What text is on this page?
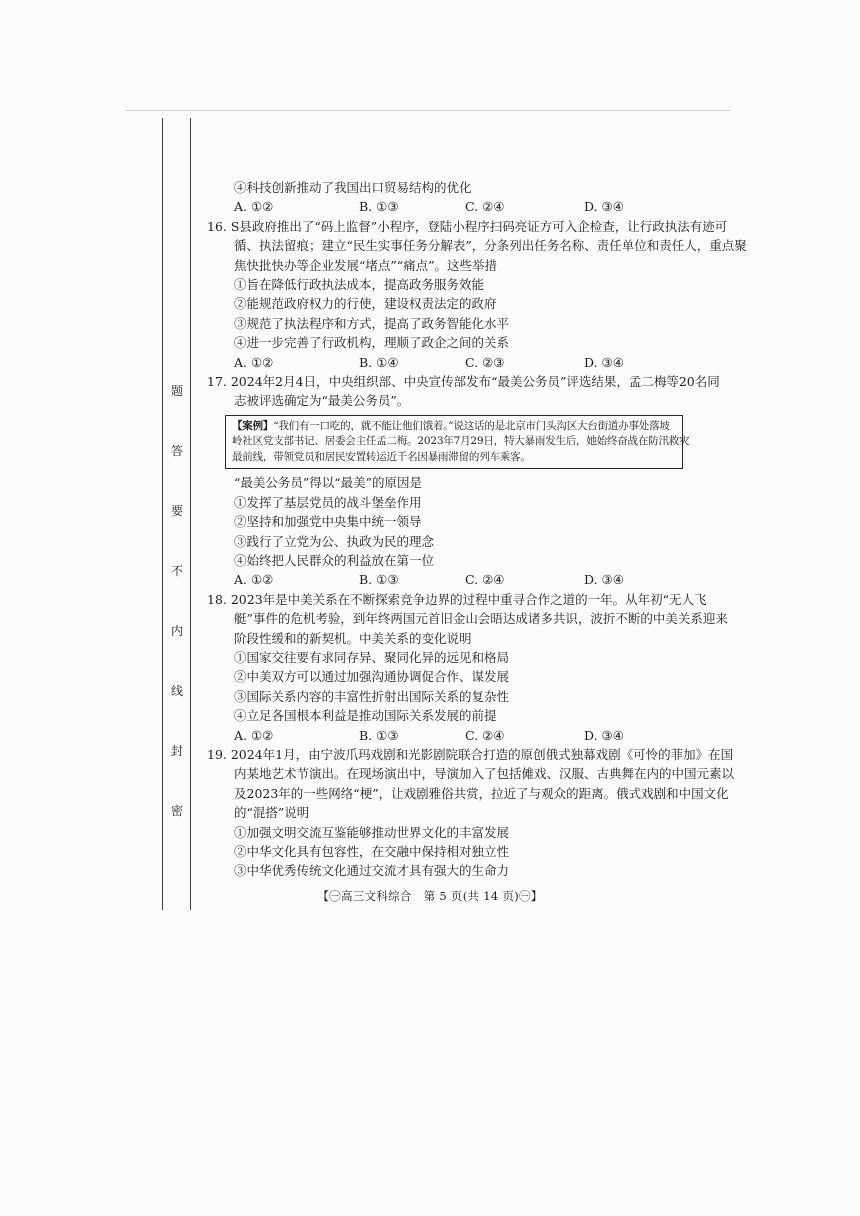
题
答
要
不
内
线
封
密
④科技创新推动了我国出口贸易结构的优化
A. ①②	B. ①③	C. ②④	D. ③④
16. S县政府推出了“码上监督”小程序，登陆小程序扫码亮证方可入企检查，让行政执法有迹可
循、执法留痕；建立“民生实事任务分解表”，分条列出任务名称、责任单位和责任人，重点聚
焦快批快办等企业发展“堵点”“痛点”。这些举措
①旨在降低行政执法成本，提高政务服务效能
②能规范政府权力的行使，建设权责法定的政府
③规范了执法程序和方式，提高了政务智能化水平
④进一步完善了行政机构，理顺了政企之间的关系
A. ①②	B. ①④	C. ②③	D. ③④
17. 2024年2月4日，中央组织部、中央宣传部发布“最美公务员”评选结果，孟二梅等20名同
志被评选确定为“最美公务员”。
【案例】“我们有一口吃的，就不能让他们饿着。”说这话的是北京市门头沟区大台街道办事处落坡
岭社区党支部书记、居委会主任孟二梅。2023年7月29日，特大暴雨发生后，她始终奋战在防汛救灾
最前线，带领党员和居民安置转运近千名因暴雨滞留的列车乘客。
“最美公务员”得以“最美”的原因是
①发挥了基层党员的战斗堡垒作用
②坚持和加强党中央集中统一领导
③践行了立党为公、执政为民的理念
④始终把人民群众的利益放在第一位
A. ①②	B. ①③	C. ②④	D. ③④
18. 2023年是中美关系在不断探索竞争边界的过程中重寻合作之道的一年。从年初“无人飞
艇”事件的危机考验，到年终两国元首旧金山会晤达成诸多共识，波折不断的中美关系迎来
阶段性缓和的新契机。中美关系的变化说明
①国家交往要有求同存异、聚同化异的远见和格局
②中美双方可以通过加强沟通协调促合作、谋发展
③国际关系内容的丰富性折射出国际关系的复杂性
④立足各国根本利益是推动国际关系发展的前提
A. ①②	B. ①③	C. ②④	D. ③④
19. 2024年1月，由宁波爪玛戏剧和光影剧院联合打造的原创俄式独幕戏剧《可怜的菲加》在国
内某地艺术节演出。在现场演出中，导演加入了包括傩戏、汉服、古典舞在内的中国元素以
及2023年的一些网络“梗”，让戏剧雅俗共赏，拉近了与观众的距离。俄式戏剧和中国文化
的“混搭”说明
①加强文明交流互鉴能够推动世界文化的丰富发展
②中华文化具有包容性，在交融中保持相对独立性
③中华优秀传统文化通过交流才具有强大的生命力
【㊀高三文科综合　第 5 页(共 14 页)㊀】
